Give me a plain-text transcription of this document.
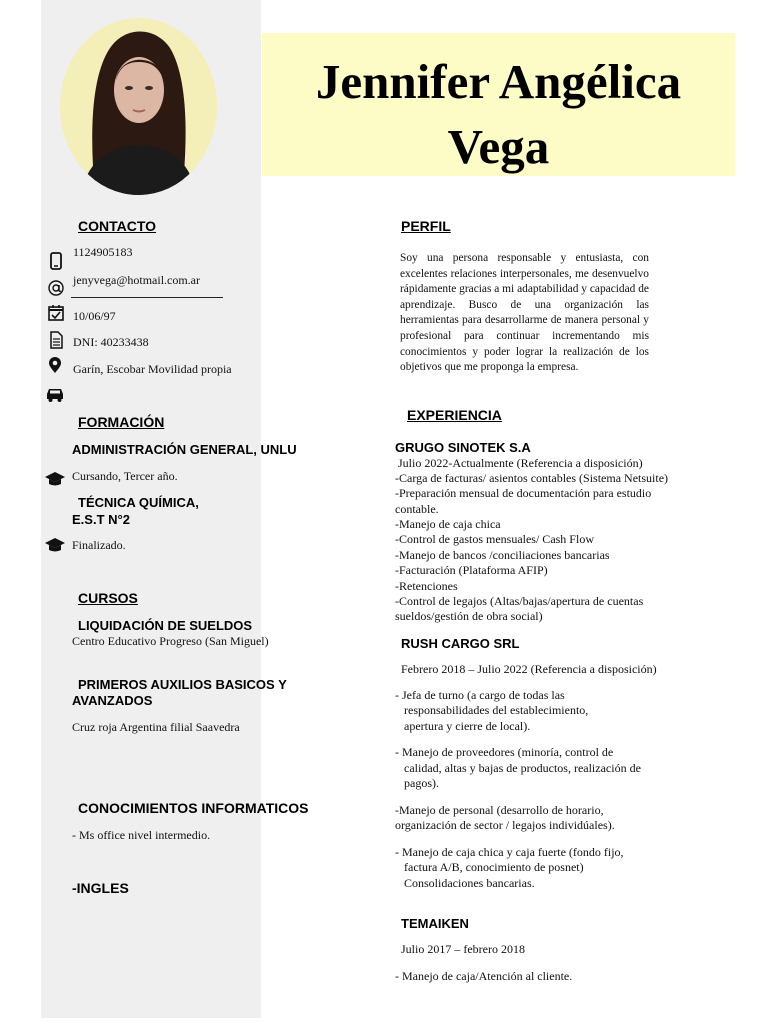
Jennifer Angélica
Vega
CONTACTO
1124905183
jenyvega@hotmail.com.ar
10/06/97
DNI: 40233438
Garín, Escobar Movilidad propia
FORMACIÓN
ADMINISTRACIÓN GENERAL, UNLU
Cursando, Tercer año.
TÉCNICA QUÍMICA,
E.S.T N°2
Finalizado.
CURSOS
LIQUIDACIÓN DE SUELDOS
Centro Educativo Progreso (San Miguel)
PRIMEROS AUXILIOS BASICOS Y
AVANZADOS
Cruz roja Argentina filial Saavedra
CONOCIMIENTOS INFORMATICOS
- Ms office nivel intermedio.
-INGLES
PERFIL
Soy una persona responsable y entusiasta, con excelentes relaciones interpersonales, me desenvuelvo rápidamente gracias a mi adaptabilidad y capacidad de aprendizaje. Busco de una organización las herramientas para desarrollarme de manera personal y profesional para continuar incrementando mis conocimientos y poder lograr la realización de los objetivos que me proponga la empresa.
EXPERIENCIA
GRUGO SINOTEK S.A
Julio 2022-Actualmente (Referencia a disposición)
-Carga de facturas/ asientos contables (Sistema Netsuite)
-Preparación mensual de documentación para estudio
contable.
-Manejo de caja chica
-Control de gastos mensuales/ Cash Flow
-Manejo de bancos /conciliaciones bancarias
-Facturación (Plataforma AFIP)
-Retenciones
-Control de legajos (Altas/bajas/apertura de cuentas
sueldos/gestión de obra social)
RUSH CARGO SRL
Febrero 2018 – Julio 2022 (Referencia a disposición)
- Jefa de turno (a cargo de todas las
responsabilidades del establecimiento,
apertura y cierre de local).
- Manejo de proveedores (minoría, control de
calidad, altas y bajas de productos, realización de
pagos).
-Manejo de personal (desarrollo de horario,
organización de sector / legajos individúales).
- Manejo de caja chica y caja fuerte (fondo fijo,
factura A/B, conocimiento de posnet)
Consolidaciones bancarias.
TEMAIKEN
Julio 2017 – febrero 2018
- Manejo de caja/Atención al cliente.
